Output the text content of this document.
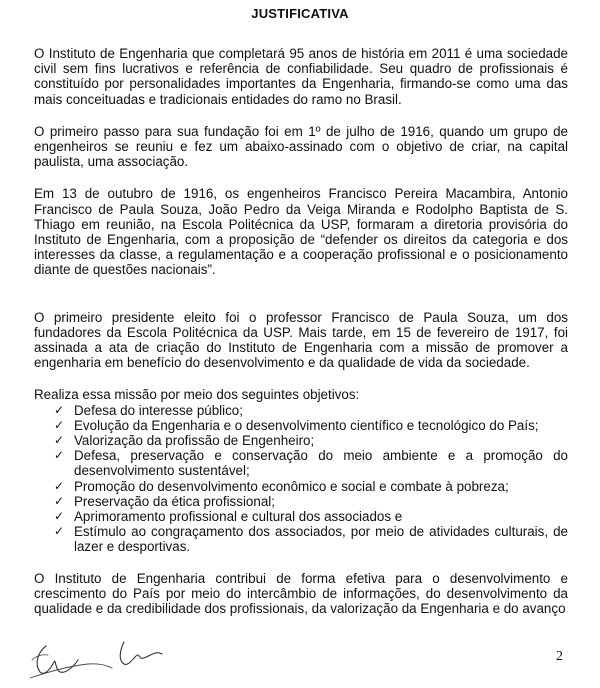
JUSTIFICATIVA

O Instituto de Engenharia que completará 95 anos de história em 2011 é uma sociedade civil sem fins lucrativos e referência de confiabilidade. Seu quadro de profissionais é constituído por personalidades importantes da Engenharia, firmando-se como uma das mais conceituadas e tradicionais entidades do ramo no Brasil.

O primeiro passo para sua fundação foi em 1º de julho de 1916, quando um grupo de engenheiros se reuniu e fez um abaixo-assinado com o objetivo de criar, na capital paulista, uma associação.

Em 13 de outubro de 1916, os engenheiros Francisco Pereira Macambira, Antonio Francisco de Paula Souza, João Pedro da Veiga Miranda e Rodolpho Baptista de S. Thiago em reunião, na Escola Politécnica da USP, formaram a diretoria provisória do Instituto de Engenharia, com a proposição de “defender os direitos da categoria e dos interesses da classe, a regulamentação e a cooperação profissional e o posicionamento diante de questões nacionais”.

O primeiro presidente eleito foi o professor Francisco de Paula Souza, um dos fundadores da Escola Politécnica da USP. Mais tarde, em 15 de fevereiro de 1917, foi assinada a ata de criação do Instituto de Engenharia com a missão de promover a engenharia em benefício do desenvolvimento e da qualidade de vida da sociedade.

Realiza essa missão por meio dos seguintes objetivos:

✓ Defesa do interesse público;
✓ Evolução da Engenharia e o desenvolvimento científico e tecnológico do País;
✓ Valorização da profissão de Engenheiro;
✓ Defesa, preservação e conservação do meio ambiente e a promoção do desenvolvimento sustentável;
✓ Promoção do desenvolvimento econômico e social e combate à pobreza;
✓ Preservação da ética profissional;
✓ Aprimoramento profissional e cultural dos associados e
✓ Estímulo ao congraçamento dos associados, por meio de atividades culturais, de lazer e desportivas.

O Instituto de Engenharia contribui de forma efetiva para o desenvolvimento e crescimento do País por meio do intercâmbio de informações, do desenvolvimento da qualidade e da credibilidade dos profissionais, da valorização da Engenharia e do avanço

2
